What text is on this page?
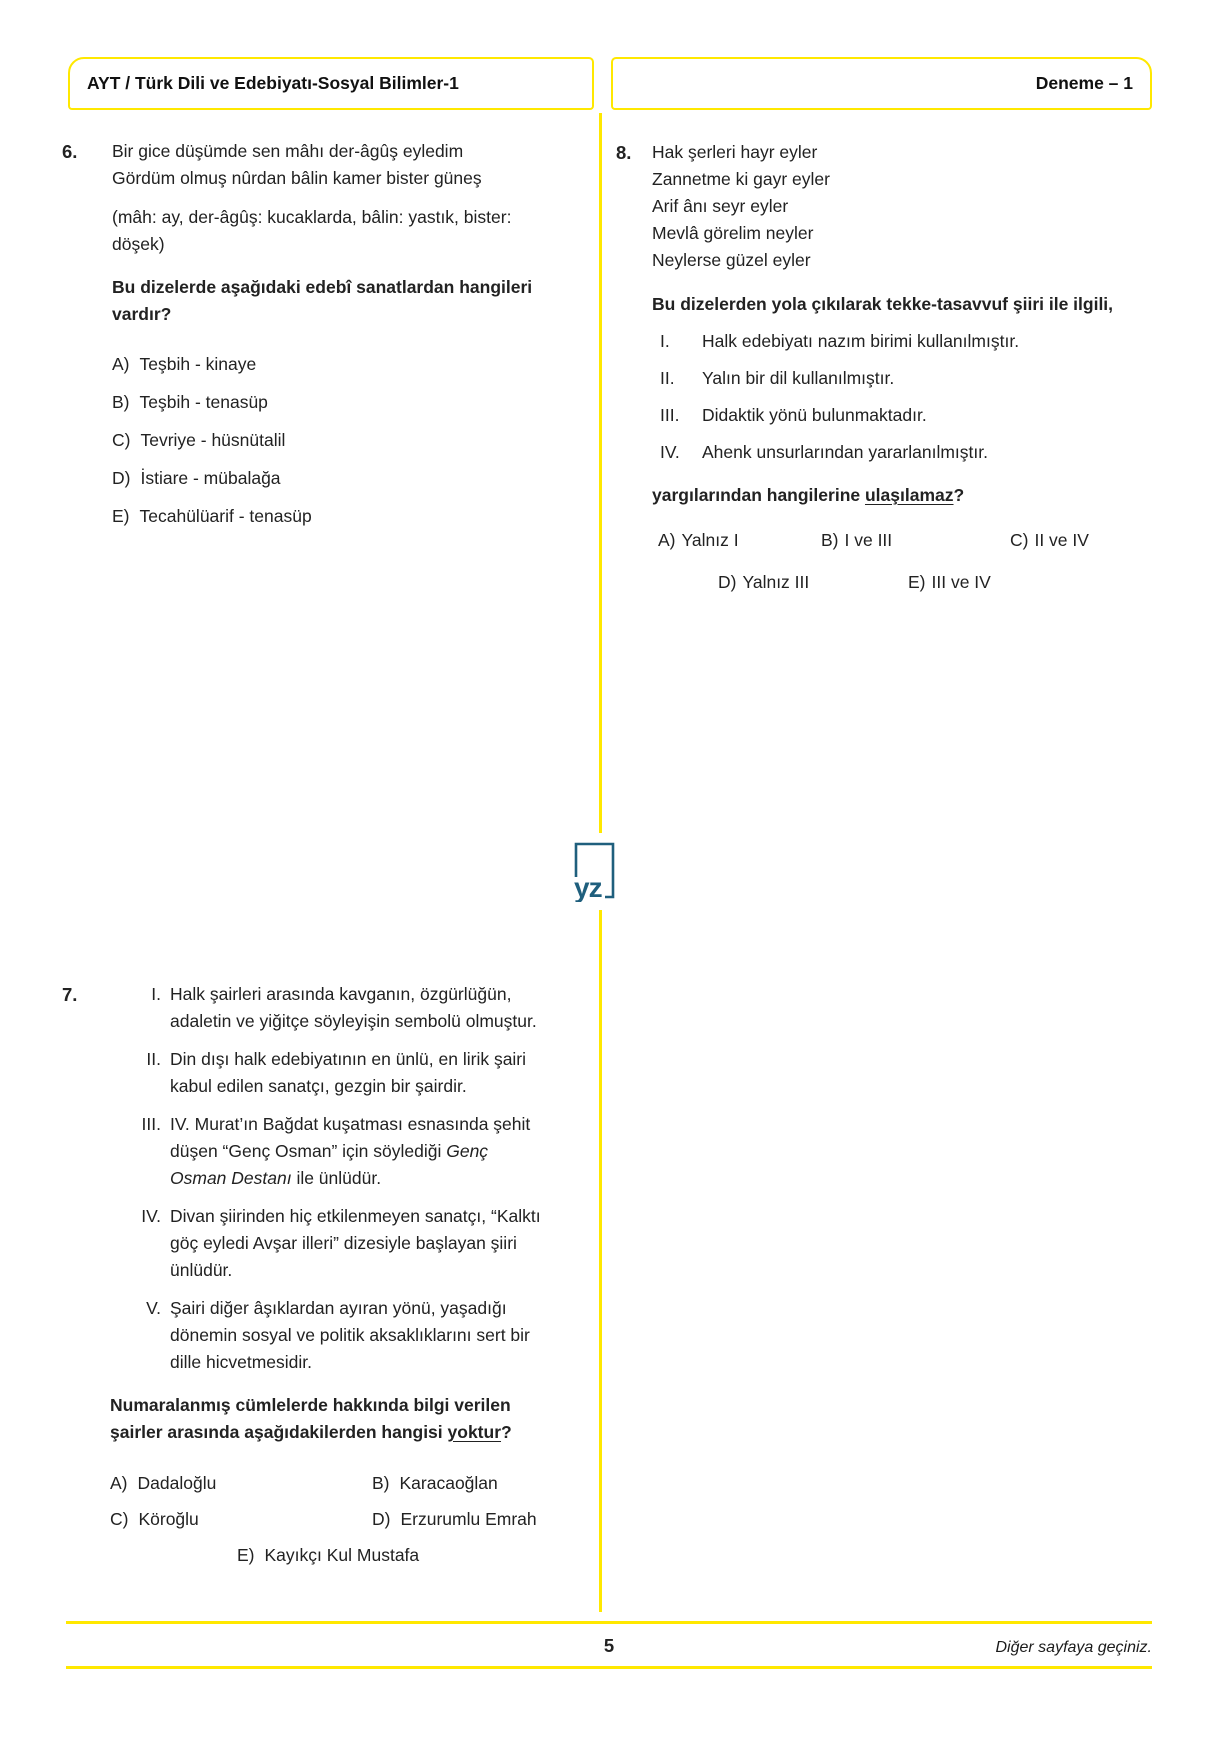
AYT / Türk Dili ve Edebiyatı-Sosyal Bilimler-1	Deneme – 1
yz
6.	Bir gice düşümde sen mâhı der-âgûş eyledim
Gördüm olmuş nûrdan bâlin kamer bister güneş
(mâh: ay, der-âgûş: kucaklarda, bâlin: yastık, bister: döşek)
Bu dizelerde aşağıdaki edebî sanatlardan hangileri vardır?
A) Teşbih - kinaye
B) Teşbih - tenasüp
C) Tevriye - hüsnütalil
D) İstiare - mübalağa
E) Tecahülüarif - tenasüp
8.	Hak şerleri hayr eyler
Zannetme ki gayr eyler
Arif ânı seyr eyler
Mevlâ görelim neyler
Neylerse güzel eyler
Bu dizelerden yola çıkılarak tekke-tasavvuf şiiri ile ilgili,
I.	Halk edebiyatı nazım birimi kullanılmıştır.
II.	Yalın bir dil kullanılmıştır.
III.	Didaktik yönü bulunmaktadır.
IV.	Ahenk unsurlarından yararlanılmıştır.
yargılarından hangilerine ulaşılamaz?
A) Yalnız I	B) I ve III	C) II ve IV
D) Yalnız III	E) III ve IV
7.	I. Halk şairleri arasında kavganın, özgürlüğün, adaletin ve yiğitçe söyleyişin sembolü olmuştur.
II. Din dışı halk edebiyatının en ünlü, en lirik şairi kabul edilen sanatçı, gezgin bir şairdir.
III. IV. Murat’ın Bağdat kuşatması esnasında şehit düşen “Genç Osman” için söylediği Genç Osman Destanı ile ünlüdür.
IV. Divan şiirinden hiç etkilenmeyen sanatçı, “Kalktı göç eyledi Avşar illeri” dizesiyle başlayan şiiri ünlüdür.
V. Şairi diğer âşıklardan ayıran yönü, yaşadığı dönemin sosyal ve politik aksaklıklarını sert bir dille hicvetmesidir.
Numaralanmış cümlelerde hakkında bilgi verilen şairler arasında aşağıdakilerden hangisi yoktur?
A) Dadaloğlu	B) Karacaoğlan
C) Köroğlu	D) Erzurumlu Emrah
E) Kayıkçı Kul Mustafa
5	Diğer sayfaya geçiniz.
